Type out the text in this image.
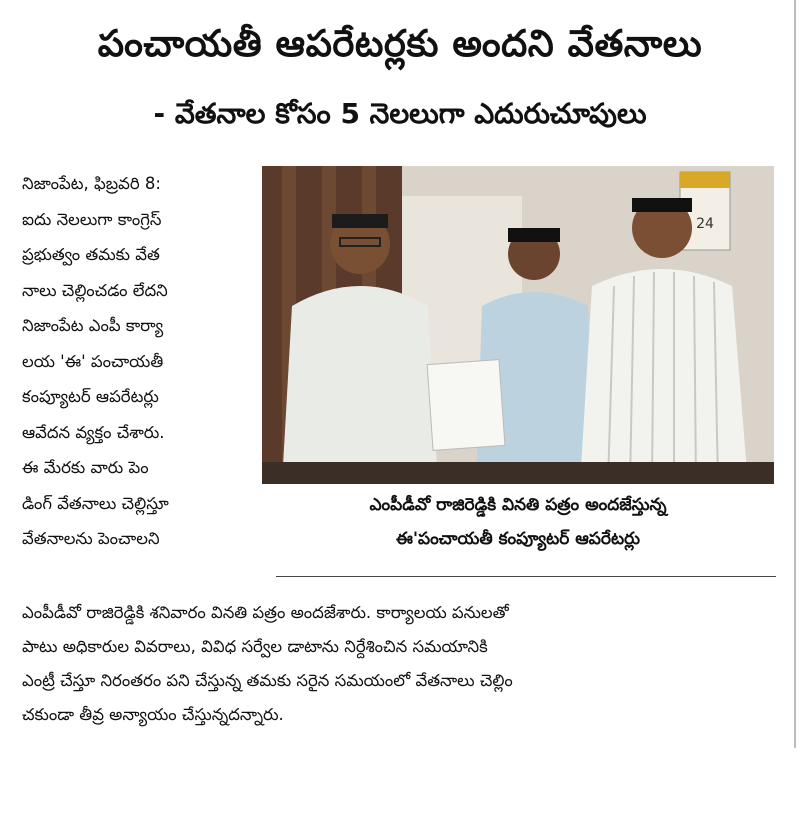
పంచాయతీ ఆపరేటర్లకు అందని వేతనాలు
- వేతనాల కోసం 5 నెలలుగా ఎదురుచూపులు
నిజాంపేట, ఫిబ్రవరి 8:
ఐదు నెలలుగా కాంగ్రెస్
ప్రభుత్వం తమకు వేత
నాలు చెల్లించడం లేదని
నిజాంపేట ఎంపీ కార్యా
లయ 'ఈ' పంచాయతీ
కంప్యూటర్ ఆపరేటర్లు
ఆవేదన వ్యక్తం చేశారు.
ఈ మేరకు వారు పెం
డింగ్ వేతనాలు చెల్లిస్తూ
వేతనాలను పెంచాలని
24
ఎంపీడీవో రాజిరెడ్డికి వినతి పత్రం అందజేస్తున్న
ఈ'పంచాయతీ కంప్యూటర్ ఆపరేటర్లు
ఎంపీడీవో రాజిరెడ్డికి శనివారం వినతి పత్రం అందజేశారు. కార్యాలయ పనులతో
పాటు అధికారుల వివరాలు, వివిధ సర్వేల డాటాను నిర్దేశించిన సమయానికి
ఎంట్రీ చేస్తూ నిరంతరం పని చేస్తున్న తమకు సరైన సమయంలో వేతనాలు చెల్లిం
చకుండా తీవ్ర అన్యాయం చేస్తున్నదన్నారు.
